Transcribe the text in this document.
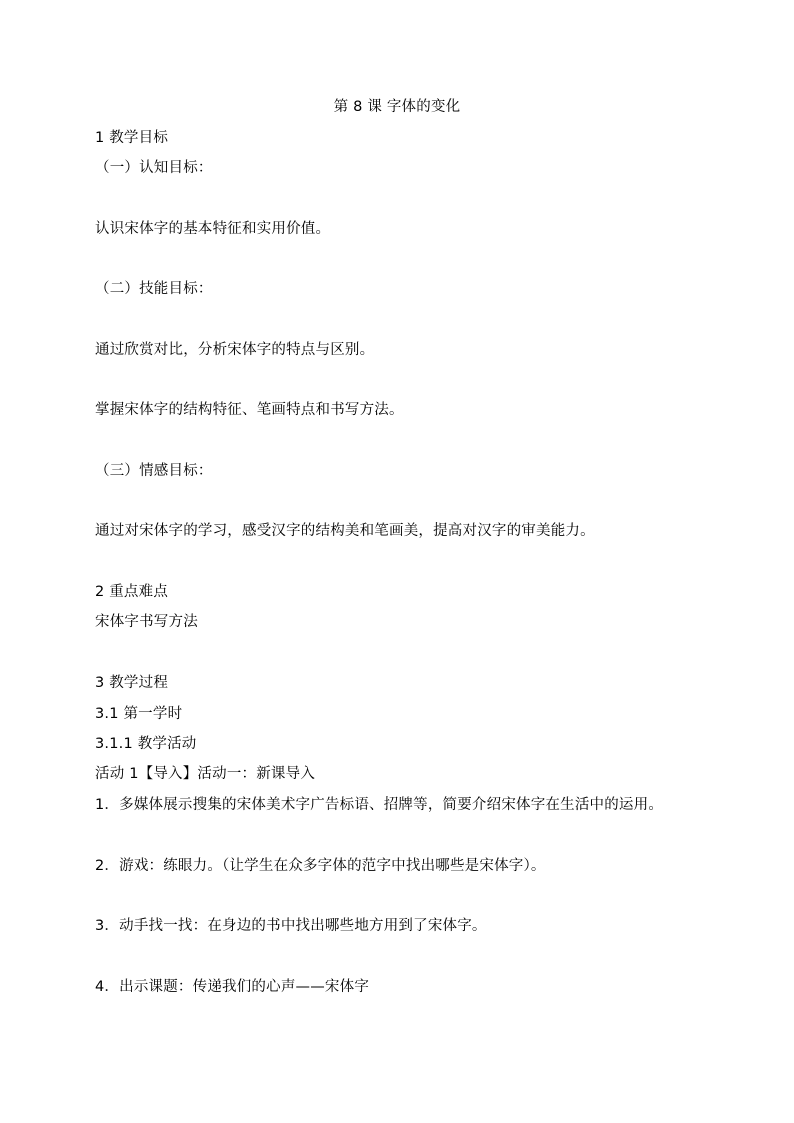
第 8 课 字体的变化
1 教学目标
（一）认知目标：
认识宋体字的基本特征和实用价值。
（二）技能目标：
通过欣赏对比，分析宋体字的特点与区别。
掌握宋体字的结构特征、笔画特点和书写方法。
（三）情感目标：
通过对宋体字的学习，感受汉字的结构美和笔画美，提高对汉字的审美能力。
2 重点难点
宋体字书写方法
3 教学过程
3.1 第一学时
3.1.1 教学活动
活动 1【导入】活动一：新课导入
1．多媒体展示搜集的宋体美术字广告标语、招牌等，简要介绍宋体字在生活中的运用。
2．游戏：练眼力。（让学生在众多字体的范字中找出哪些是宋体字）。
3．动手找一找：在身边的书中找出哪些地方用到了宋体字。
4．出示课题：传递我们的心声——宋体字
